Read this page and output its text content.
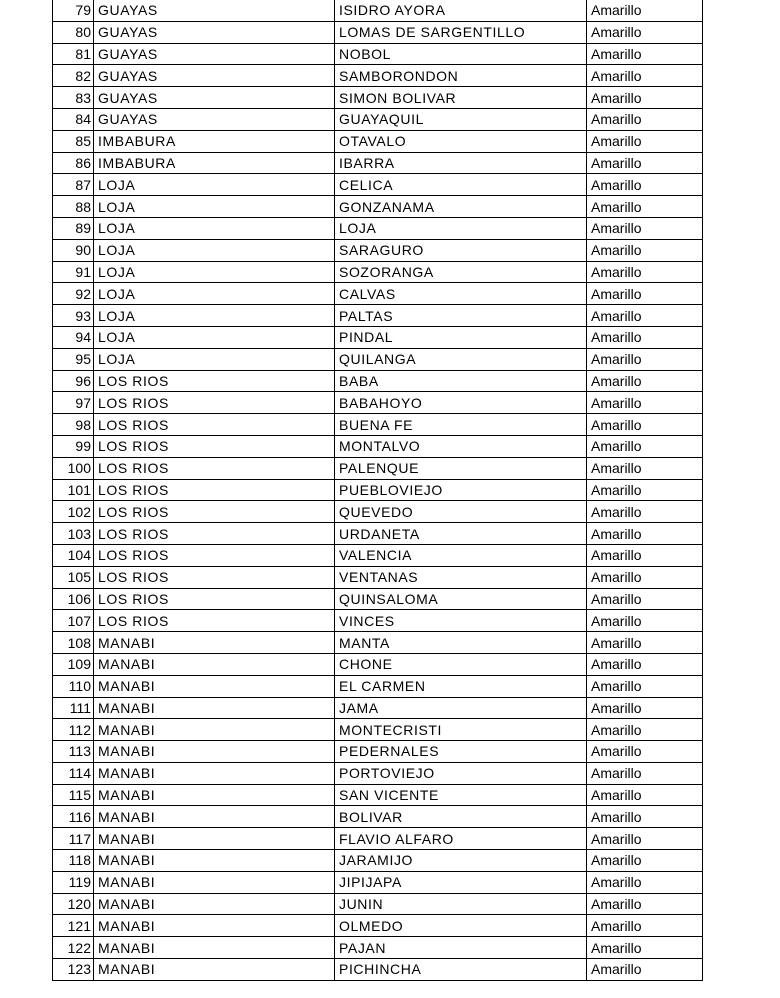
79	GUAYAS	ISIDRO AYORA	Amarillo
80	GUAYAS	LOMAS DE SARGENTILLO	Amarillo
81	GUAYAS	NOBOL	Amarillo
82	GUAYAS	SAMBORONDON	Amarillo
83	GUAYAS	SIMON BOLIVAR	Amarillo
84	GUAYAS	GUAYAQUIL	Amarillo
85	IMBABURA	OTAVALO	Amarillo
86	IMBABURA	IBARRA	Amarillo
87	LOJA	CELICA	Amarillo
88	LOJA	GONZANAMA	Amarillo
89	LOJA	LOJA	Amarillo
90	LOJA	SARAGURO	Amarillo
91	LOJA	SOZORANGA	Amarillo
92	LOJA	CALVAS	Amarillo
93	LOJA	PALTAS	Amarillo
94	LOJA	PINDAL	Amarillo
95	LOJA	QUILANGA	Amarillo
96	LOS RIOS	BABA	Amarillo
97	LOS RIOS	BABAHOYO	Amarillo
98	LOS RIOS	BUENA FE	Amarillo
99	LOS RIOS	MONTALVO	Amarillo
100	LOS RIOS	PALENQUE	Amarillo
101	LOS RIOS	PUEBLOVIEJO	Amarillo
102	LOS RIOS	QUEVEDO	Amarillo
103	LOS RIOS	URDANETA	Amarillo
104	LOS RIOS	VALENCIA	Amarillo
105	LOS RIOS	VENTANAS	Amarillo
106	LOS RIOS	QUINSALOMA	Amarillo
107	LOS RIOS	VINCES	Amarillo
108	MANABI	MANTA	Amarillo
109	MANABI	CHONE	Amarillo
110	MANABI	EL CARMEN	Amarillo
111	MANABI	JAMA	Amarillo
112	MANABI	MONTECRISTI	Amarillo
113	MANABI	PEDERNALES	Amarillo
114	MANABI	PORTOVIEJO	Amarillo
115	MANABI	SAN VICENTE	Amarillo
116	MANABI	BOLIVAR	Amarillo
117	MANABI	FLAVIO ALFARO	Amarillo
118	MANABI	JARAMIJO	Amarillo
119	MANABI	JIPIJAPA	Amarillo
120	MANABI	JUNIN	Amarillo
121	MANABI	OLMEDO	Amarillo
122	MANABI	PAJAN	Amarillo
123	MANABI	PICHINCHA	Amarillo
